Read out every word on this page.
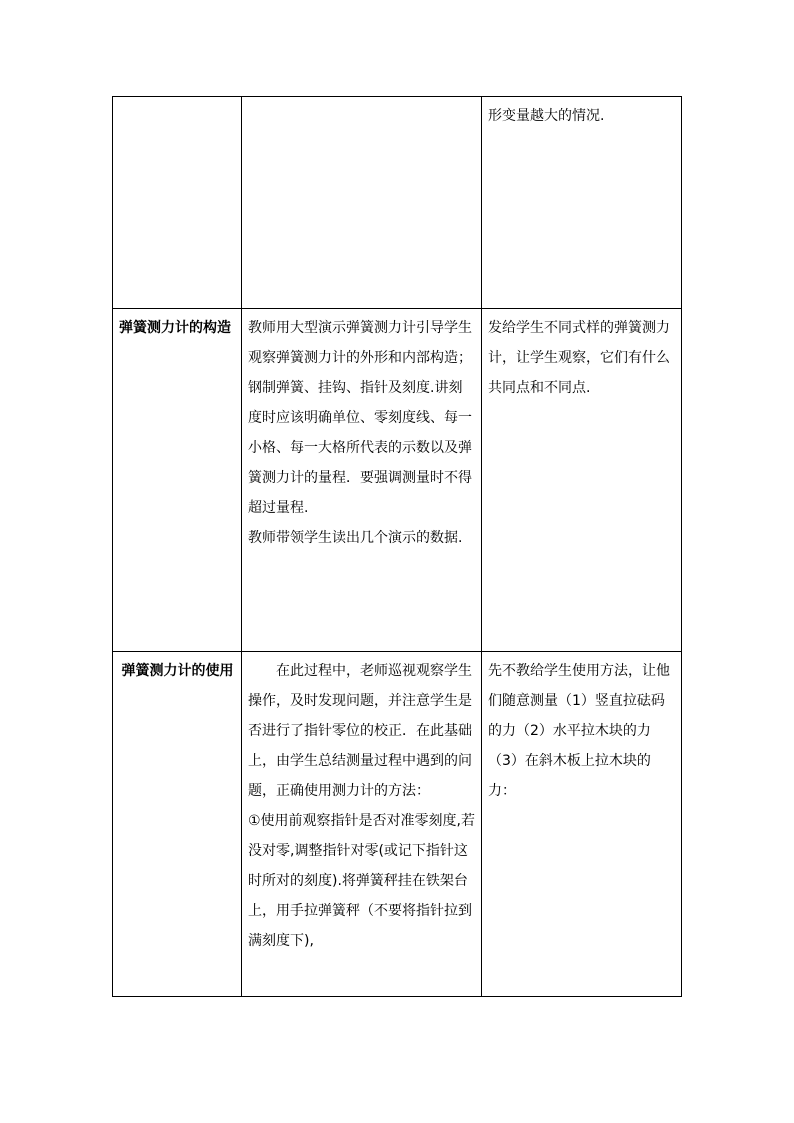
		形变量越大的情况.
弹簧测力计的构造	教师用大型演示弹簧测力计引导学生观察弹簧测力计的外形和内部构造；钢制弹簧、挂钩、指针及刻度.讲刻度时应该明确单位、零刻度线、每一小格、每一大格所代表的示数以及弹簧测力计的量程．要强调测量时不得超过量程.
教师带领学生读出几个演示的数据.	发给学生不同式样的弹簧测力计，让学生观察，它们有什么共同点和不同点.

弹簧测力计的使用	在此过程中，老师巡视观察学生操作，及时发现问题，并注意学生是否进行了指针零位的校正．在此基础上，由学生总结测量过程中遇到的问题，正确使用测力计的方法：
①使用前观察指针是否对准零刻度,若没对零,调整指针对零(或记下指针这时所对的刻度).将弹簧秤挂在铁架台上，用手拉弹簧秤（不要将指针拉到满刻度下),	先不教给学生使用方法，让他们随意测量（1）竖直拉砝码的力（2）水平拉木块的力（3）在斜木板上拉木块的力：
